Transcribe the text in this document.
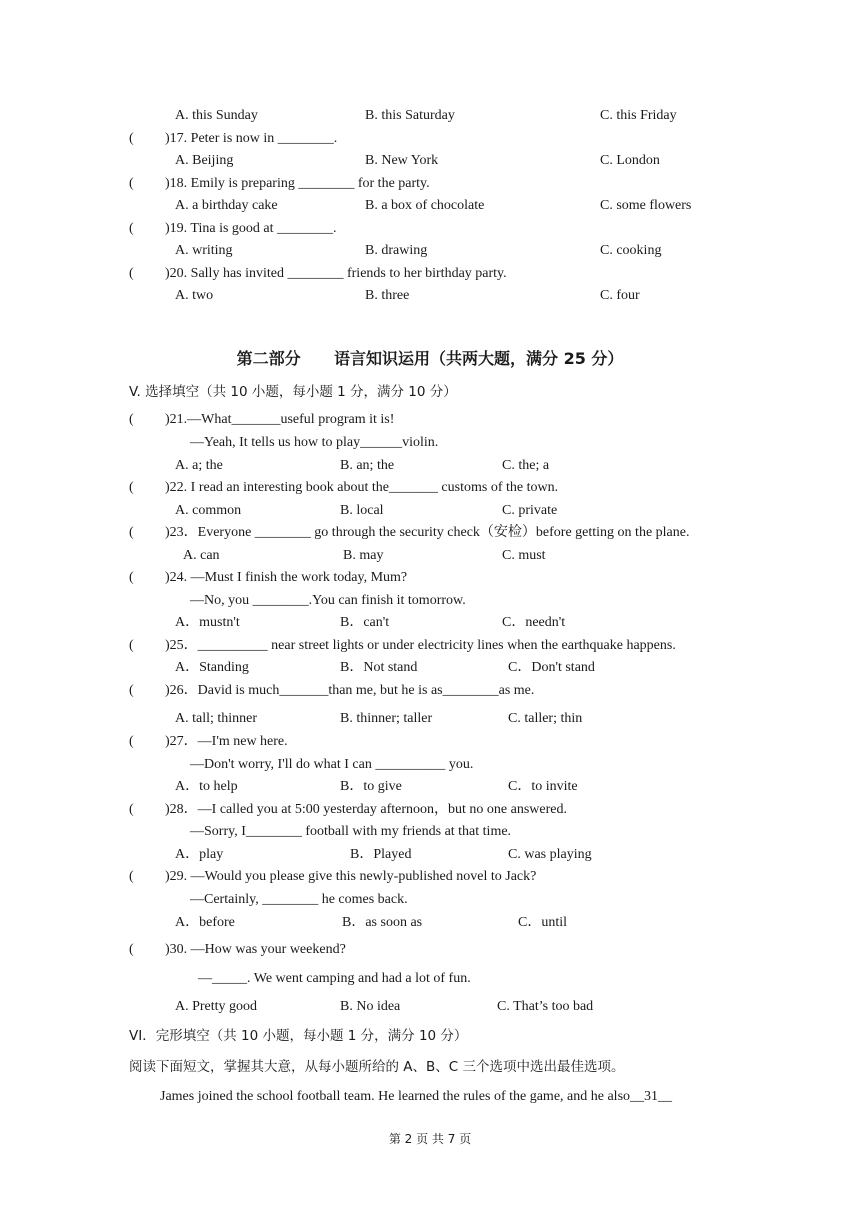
A. this Sunday	B. this Saturday	C. this Friday
( )17. Peter is now in ________.
A. Beijing	B. New York	C. London
( )18. Emily is preparing ________ for the party.
A. a birthday cake	B. a box of chocolate	C. some flowers
( )19. Tina is good at ________.
A. writing	B. drawing	C. cooking
( )20. Sally has invited ________ friends to her birthday party.
A. two	B. three	C. four
第二部分      语言知识运用（共两大题，满分 25 分）
V. 选择填空（共 10 小题，每小题 1 分，满分 10 分）
( )21.—What_______useful program it is!
—Yeah, It tells us how to play______violin.
A. a; the	B. an; the	C. the; a
( )22. I read an interesting book about the_______ customs of the town.
A. common	B. local	C. private
( )23．Everyone ________ go through the security check（安检）before getting on the plane.
A. can	B. may	C. must
( )24. —Must I finish the work today, Mum?
—No, you ________.You can finish it tomorrow.
A．mustn't	B．can't	C．needn't
( )25．__________ near street lights or under electricity lines when the earthquake happens.
A．Standing	B．Not stand	C．Don't stand
( )26．David is much_______than me, but he is as________as me.
A. tall; thinner	B. thinner; taller	C. taller; thin
( )27．—I'm new here.
—Don't worry, I'll do what I can __________ you.
A．to help	B．to give	C．to invite
( )28．—I called you at 5:00 yesterday afternoon，but no one answered.
—Sorry, I________ football with my friends at that time.
A．play	B．Played	C. was playing
( )29. —Would you please give this newly-published novel to Jack?
—Certainly, ________ he comes back.
A．before	B．as soon as	C．until
( )30. —How was your weekend?
—_____. We went camping and had a lot of fun.
A. Pretty good	B. No idea	C. That’s too bad
VI．完形填空（共 10 小题，每小题 1 分，满分 10 分）
阅读下面短文，掌握其大意，从每小题所给的 A、B、C 三个选项中选出最佳选项。
James joined the school football team. He learned the rules of the game, and he also__31__
第 2 页 共 7 页
